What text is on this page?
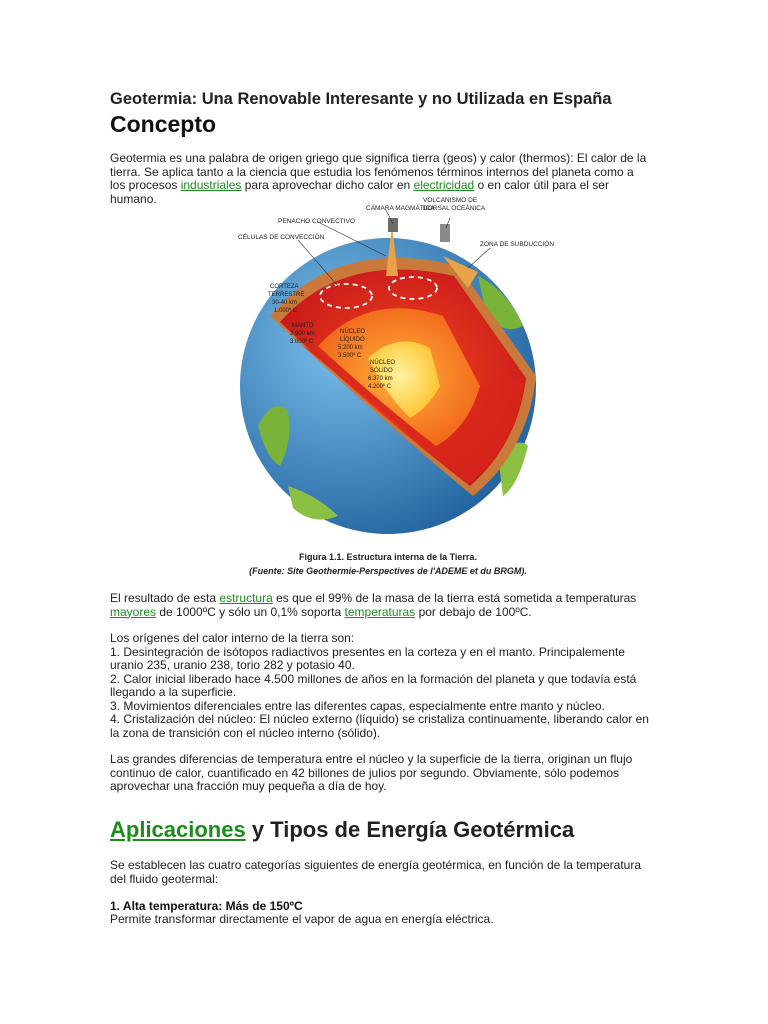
Geotermia: Una Renovable Interesante y no Utilizada en España
Concepto
Geotermia es una palabra de origen griego que significa tierra (geos) y calor (thermos): El calor de la tierra. Se aplica tanto a la ciencia que estudia los fenómenos términos internos del planeta como a los procesos industriales para aprovechar dicho calor en electricidad o en calor útil para el ser humano.
CÁMARA MAGMÁTICA
VOLCANISMO DE
DORSAL OCEÁNICA
PENACHO CONVECTIVO
CÉLULAS DE CONVECCIÓN
ZONA DE SUBDUCCIÓN
CORTEZA
TERRESTRE
30-40 km
1.000º C
MANTO
2.900 km
3.000º C
NÚCLEO
LÍQUIDO
5.200 km
3.500º C
NÚCLEO
SÓLIDO
6.370 km
4.200º C
Figura 1.1. Estructura interna de la Tierra.
(Fuente: Site Geothermie-Perspectives de l'ADEME et du BRGM).
El resultado de esta estructura es que el 99% de la masa de la tierra está sometida a temperaturas mayores de 1000ºC y sólo un 0,1% soporta temperaturas por debajo de 100ºC.
Los orígenes del calor interno de la tierra son:
1. Desintegración de isótopos radiactivos presentes en la corteza y en el manto. Principalemente uranio 235, uranio 238, torio 282 y potasio 40.
2. Calor inicial liberado hace 4.500 millones de años en la formación del planeta y que todavía está llegando a la superficie.
3. Movimientos diferenciales entre las diferentes capas, especialmente entre manto y núcleo.
4. Cristalización del núcleo: El núcleo externo (líquido) se cristaliza continuamente, liberando calor en la zona de transición con el núcleo interno (sólido).
Las grandes diferencias de temperatura entre el núcleo y la superficie de la tierra, originan un flujo continuo de calor, cuantificado en 42 billones de julios por segundo. Obviamente, sólo podemos aprovechar una fracción muy pequeña a día de hoy.
Aplicaciones y Tipos de Energía Geotérmica
Se establecen las cuatro categorías siguientes de energía geotérmica, en función de la temperatura del fluido geotermal:
1. Alta temperatura: Más de 150ºC
Permite transformar directamente el vapor de agua en energía eléctrica.
